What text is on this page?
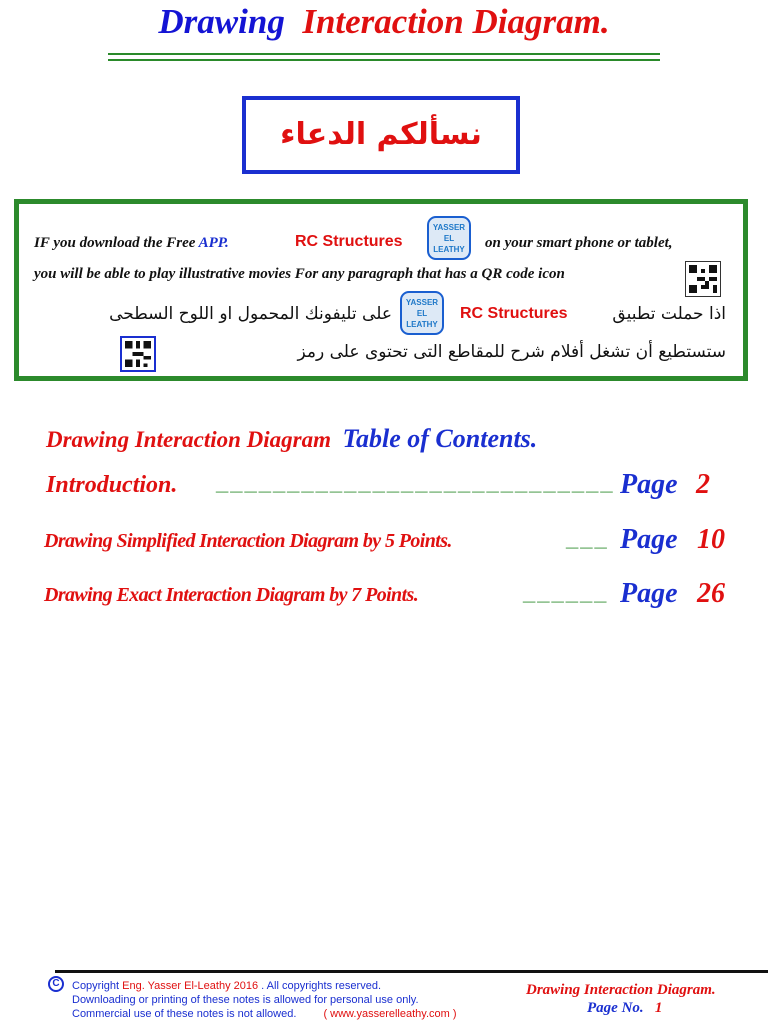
Drawing Interaction Diagram.
نسألكم الدعاء
IF you download the Free APP.	RC Structures
YASSER
EL LEATHY on your smart phone or tablet,
you will be able to play illustrative movies For any paragraph that has a QR code icon
اذا حملت تطبيق
RC Structures
YASSER
EL LEATHY
على تليفونك المحمول او اللوح السطحى
ستستطيع أن تشغل أفلام شرح للمقاطع التى تحتوى على رمز
Drawing Interaction Diagram Table of Contents.
Introduction. ____________________________ Page 2
Drawing Simplified Interaction Diagram by 5 Points.	___ Page 10
Drawing Exact Interaction Diagram by 7 Points.	______ Page 26
C	Copyright Eng. Yasser El-Leathy 2016 . All copyrights reserved.
Downloading or printing of these notes is allowed for personal use only.
Commercial use of these notes is not allowed. ( www.yasserelleathy.com )
Drawing Interaction Diagram.
Page No. 1
